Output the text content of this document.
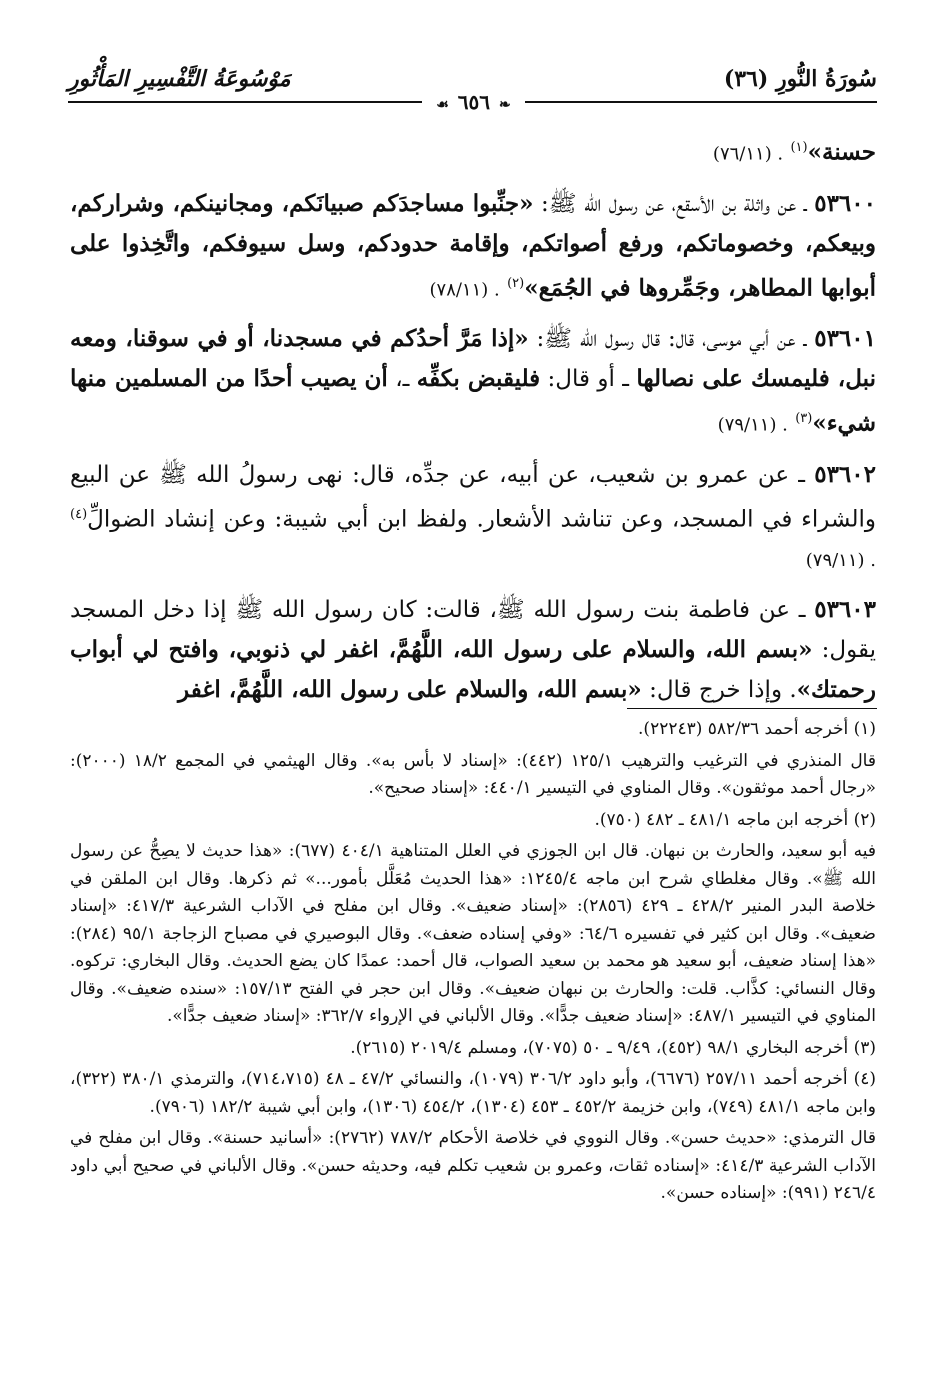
سُورَةُ النُّورِ (٣٦)
مَوْسُوعَةُ التَّفْسِيرِ المَأْثُورِ
❧ ٦٥٦ ☙

حسنة»$^{(١)}$ . (٧٦/١١)

٥٣٦٠٠ ـ عن واثلة بن الأسقع، عن رسول الله ﷺ: «جنِّبوا مساجدَكم صبيانَكم، ومجانينكم، وشراركم، وبيعكم، وخصوماتكم، ورفع أصواتكم، وإقامة حدودكم، وسل سيوفكم، واتَّخِذوا على أبوابها المطاهر، وجَمِّروها في الجُمَع»$^{(٢)}$ . (٧٨/١١)

٥٣٦٠١ ـ عن أبي موسى، قال: قال رسول الله ﷺ: «إذا مَرَّ أحدُكم في مسجدنا، أو في سوقنا، ومعه نبل، فليمسك على نصالها ـ أو قال: فليقبض بكفِّه ـ، أن يصيب أحدًا من المسلمين منها شيء»$^{(٣)}$ . (٧٩/١١)

٥٣٦٠٢ ـ عن عمرو بن شعيب، عن أبيه، عن جدِّه، قال: نهى رسولُ الله ﷺ عن البيع والشراء في المسجد، وعن تناشد الأشعار. ولفظ ابن أبي شيبة: وعن إنشاد الضوالِّ$^{(٤)}$ . (٧٩/١١)

٥٣٦٠٣ ـ عن فاطمة بنت رسول الله ﷺ، قالت: كان رسول الله ﷺ إذا دخل المسجد يقول: «بسم الله، والسلام على رسول الله، اللَّهُمَّ، اغفر لي ذنوبي، وافتح لي أبواب رحمتك». وإذا خرج قال: «بسم الله، والسلام على رسول الله، اللَّهُمَّ، اغفر

(١) أخرجه أحمد ٥٨٢/٣٦ (٢٢٢٤٣).

قال المنذري في الترغيب والترهيب ١٢٥/١ (٤٤٢): «إسناد لا بأس به». وقال الهيثمي في المجمع ١٨/٢ (٢٠٠٠): «رجال أحمد موثقون». وقال المناوي في التيسير ٤٤٠/١: «إسناد صحيح».

(٢) أخرجه ابن ماجه ٤٨١/١ ـ ٤٨٢ (٧٥٠).

فيه أبو سعيد، والحارث بن نبهان. قال ابن الجوزي في العلل المتناهية ٤٠٤/١ (٦٧٧): «هذا حديث لا يصِحُّ عن رسول الله ﷺ». وقال مغلطاي شرح ابن ماجه ١٢٤٥/٤: «هذا الحديث مُعَلَّل بأمور...» ثم ذكرها. وقال ابن الملقن في خلاصة البدر المنير ٤٢٨/٢ ـ ٤٢٩ (٢٨٥٦): «إسناد ضعيف». وقال ابن مفلح في الآداب الشرعية ٤١٧/٣: «إسناد ضعيف». وقال ابن كثير في تفسيره ٦٤/٦: «وفي إسناده ضعف». وقال البوصيري في مصباح الزجاجة ٩٥/١ (٢٨٤): «هذا إسناد ضعيف، أبو سعيد هو محمد بن سعيد الصواب، قال أحمد: عمدًا كان يضع الحديث. وقال البخاري: تركوه. وقال النسائي: كذَّاب. قلت: والحارث بن نبهان ضعيف». وقال ابن حجر في الفتح ١٥٧/١٣: «سنده ضعيف». وقال المناوي في التيسير ٤٨٧/١: «إسناد ضعيف جدًّا». وقال الألباني في الإرواء ٣٦٢/٧: «إسناد ضعيف جدًّا».

(٣) أخرجه البخاري ٩٨/١ (٤٥٢)، ٩/٤٩ ـ ٥٠ (٧٠٧٥)، ومسلم ٢٠١٩/٤ (٢٦١٥).

(٤) أخرجه أحمد ٢٥٧/١١ (٦٦٧٦)، وأبو داود ٣٠٦/٢ (١٠٧٩)، والنسائي ٤٧/٢ ـ ٤٨ (٧١٤،٧١٥)، والترمذي ٣٨٠/١ (٣٢٢)، وابن ماجه ٤٨١/١ (٧٤٩)، وابن خزيمة ٤٥٢/٢ ـ ٤٥٣ (١٣٠٤)، ٤٥٤/٢ (١٣٠٦)، وابن أبي شيبة ١٨٢/٢ (٧٩٠٦).

قال الترمذي: «حديث حسن». وقال النووي في خلاصة الأحكام ٧٨٧/٢ (٢٧٦٢): «أسانيد حسنة». وقال ابن مفلح في الآداب الشرعية ٤١٤/٣: «إسناده ثقات، وعمرو بن شعيب تكلم فيه، وحديثه حسن». وقال الألباني في صحيح أبي داود ٢٤٦/٤ (٩٩١): «إسناده حسن».
